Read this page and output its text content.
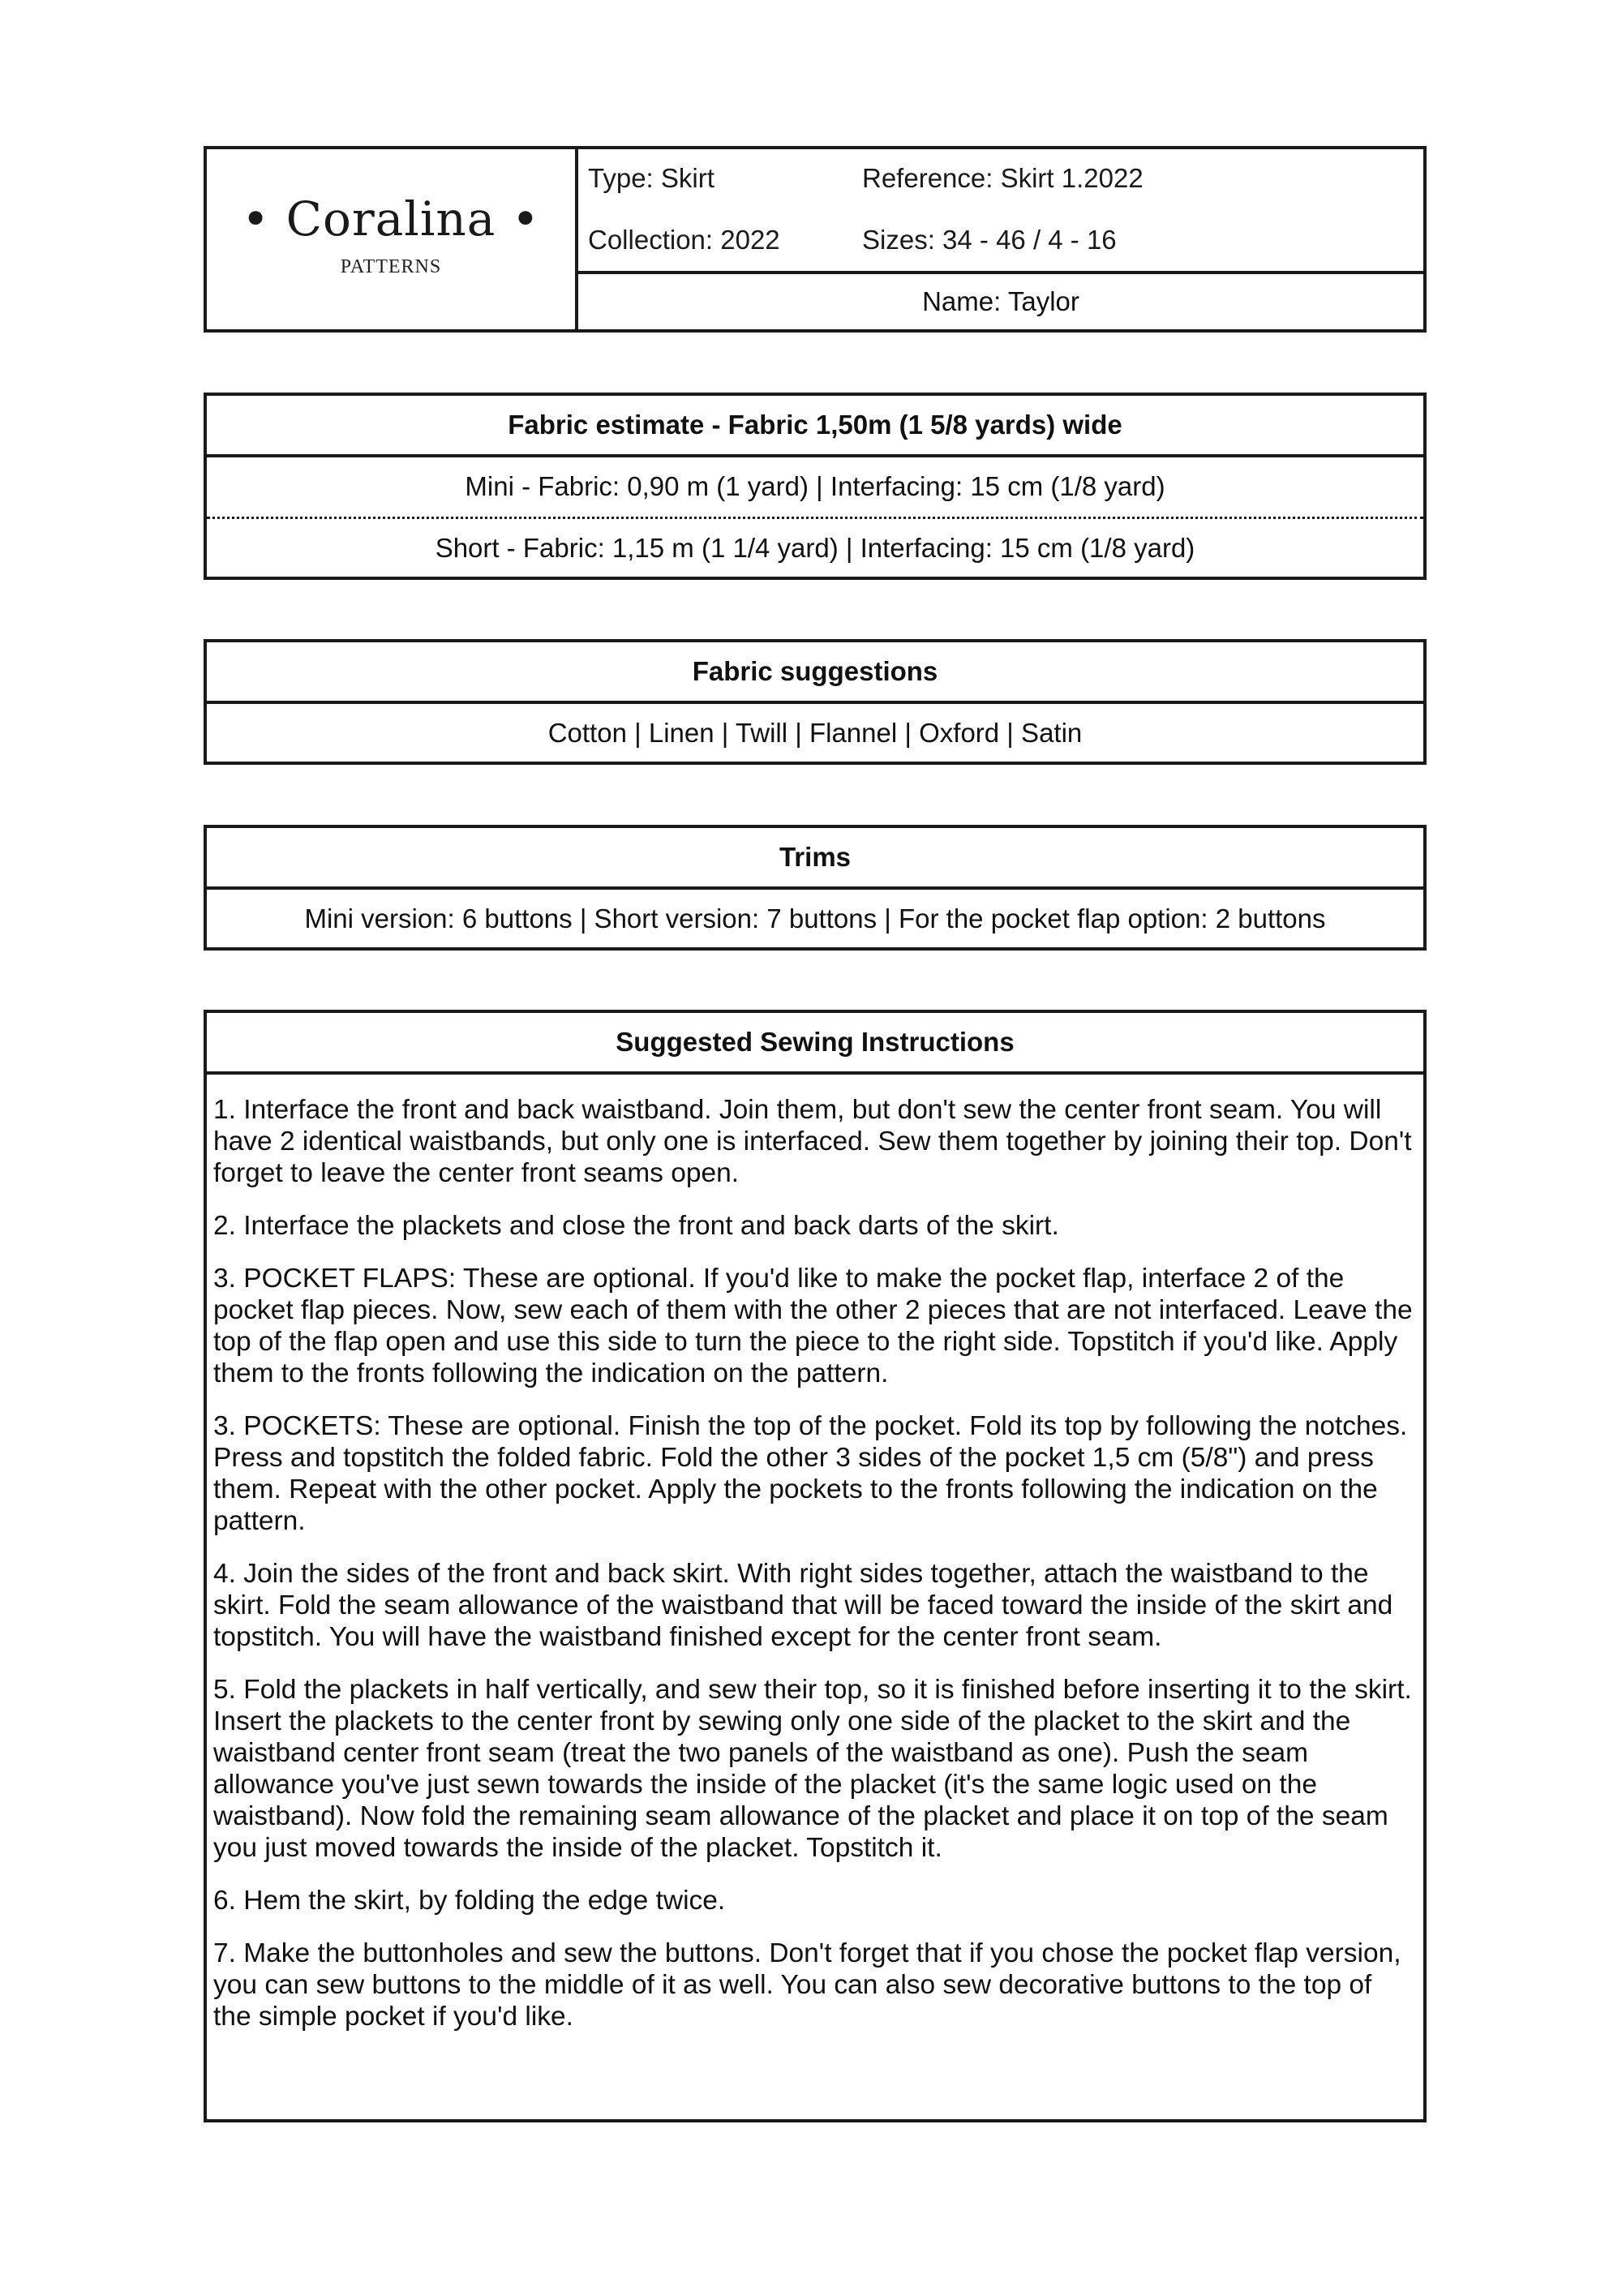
• Coralina •
PATTERNS
Type: Skirt	Reference: Skirt 1.2022
Collection: 2022	Sizes: 34 - 46 / 4 - 16
Name: Taylor
Fabric estimate - Fabric 1,50m (1 5/8 yards) wide
Mini - Fabric: 0,90 m (1 yard) | Interfacing: 15 cm (1/8 yard)
Short - Fabric: 1,15 m (1 1/4 yard) | Interfacing: 15 cm (1/8 yard)
Fabric suggestions
Cotton | Linen | Twill | Flannel | Oxford | Satin
Trims
Mini version: 6 buttons | Short version: 7 buttons | For the pocket flap option: 2 buttons
Suggested Sewing Instructions

1. Interface the front and back waistband. Join them, but don't sew the center front seam. You will have 2 identical waistbands, but only one is interfaced. Sew them together by joining their top. Don't forget to leave the center front seams open.

2. Interface the plackets and close the front and back darts of the skirt.

3. POCKET FLAPS: These are optional. If you'd like to make the pocket flap, interface 2 of the pocket flap pieces. Now, sew each of them with the other 2 pieces that are not interfaced. Leave the top of the flap open and use this side to turn the piece to the right side. Topstitch if you'd like. Apply them to the fronts following the indication on the pattern.

3. POCKETS: These are optional. Finish the top of the pocket. Fold its top by following the notches. Press and topstitch the folded fabric. Fold the other 3 sides of the pocket 1,5 cm (5/8") and press them. Repeat with the other pocket. Apply the pockets to the fronts following the indication on the pattern.

4. Join the sides of the front and back skirt. With right sides together, attach the waistband to the skirt. Fold the seam allowance of the waistband that will be faced toward the inside of the skirt and topstitch. You will have the waistband finished except for the center front seam.

5. Fold the plackets in half vertically, and sew their top, so it is finished before inserting it to the skirt. Insert the plackets to the center front by sewing only one side of the placket to the skirt and the waistband center front seam (treat the two panels of the waistband as one). Push the seam allowance you've just sewn towards the inside of the placket (it's the same logic used on the waistband). Now fold the remaining seam allowance of the placket and place it on top of the seam you just moved towards the inside of the placket. Topstitch it.

6. Hem the skirt, by folding the edge twice.

7. Make the buttonholes and sew the buttons. Don't forget that if you chose the pocket flap version, you can sew buttons to the middle of it as well. You can also sew decorative buttons to the top of the simple pocket if you'd like.
